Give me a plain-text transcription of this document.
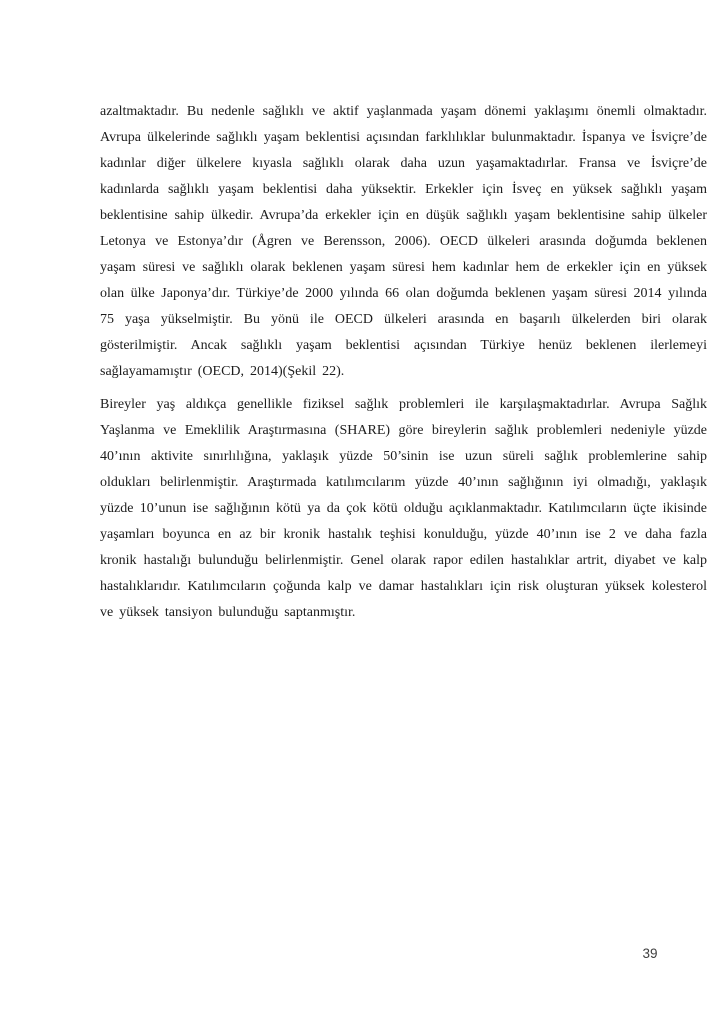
azaltmaktadır. Bu nedenle sağlıklı ve aktif yaşlanmada yaşam dönemi yaklaşımı önemli olmaktadır. Avrupa ülkelerinde sağlıklı yaşam beklentisi açısından farklılıklar bulunmaktadır. İspanya ve İsviçre’de kadınlar diğer ülkelere kıyasla sağlıklı olarak daha uzun yaşamaktadırlar. Fransa ve İsviçre’de kadınlarda sağlıklı yaşam beklentisi daha yüksektir. Erkekler için İsveç en yüksek sağlıklı yaşam beklentisine sahip ülkedir. Avrupa’da erkekler için en düşük sağlıklı yaşam beklentisine sahip ülkeler Letonya ve Estonya’dır (Ågren ve Berensson, 2006). OECD ülkeleri arasında doğumda beklenen yaşam süresi ve sağlıklı olarak beklenen yaşam süresi hem kadınlar hem de erkekler için en yüksek olan ülke Japonya’dır. Türkiye’de 2000 yılında 66 olan doğumda beklenen yaşam süresi 2014 yılında 75 yaşa yükselmiştir. Bu yönü ile OECD ülkeleri arasında en başarılı ülkelerden biri olarak gösterilmiştir. Ancak sağlıklı yaşam beklentisi açısından Türkiye henüz beklenen ilerlemeyi sağlayamamıştır (OECD, 2014)(Şekil 22).

Bireyler yaş aldıkça genellikle fiziksel sağlık problemleri ile karşılaşmaktadırlar. Avrupa Sağlık Yaşlanma ve Emeklilik Araştırmasına (SHARE) göre bireylerin sağlık problemleri nedeniyle yüzde 40’ının aktivite sınırlılığına, yaklaşık yüzde 50’sinin ise uzun süreli sağlık problemlerine sahip oldukları belirlenmiştir. Araştırmada katılımcılarım yüzde 40’ının sağlığının iyi olmadığı, yaklaşık yüzde 10’unun ise sağlığının kötü ya da çok kötü olduğu açıklanmaktadır. Katılımcıların üçte ikisinde yaşamları boyunca en az bir kronik hastalık teşhisi konulduğu, yüzde 40’ının ise 2 ve daha fazla kronik hastalığı bulunduğu belirlenmiştir. Genel olarak rapor edilen hastalıklar artrit, diyabet ve kalp hastalıklarıdır. Katılımcıların çoğunda kalp ve damar hastalıkları için risk oluşturan yüksek kolesterol ve yüksek tansiyon bulunduğu saptanmıştır.

39
